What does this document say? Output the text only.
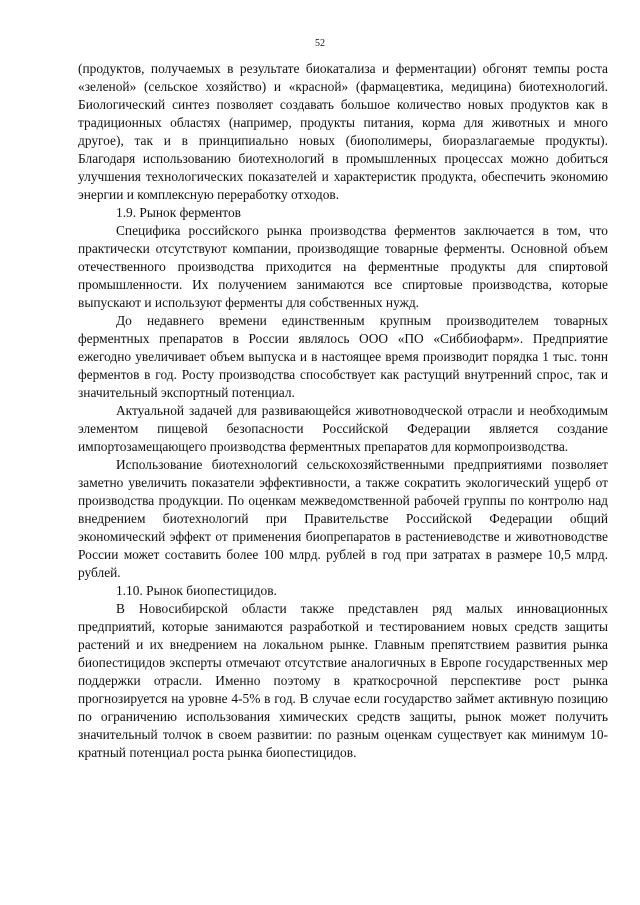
52

(продуктов, получаемых в результате биокатализа и ферментации) обгонят темпы роста «зеленой» (сельское хозяйство) и «красной» (фармацевтика, медицина) биотехнологий. Биологический синтез позволяет создавать большое количество новых продуктов как в традиционных областях (например, продукты питания, корма для животных и много другое), так и в принципиально новых (биополимеры, биоразлагаемые продукты). Благодаря использованию биотехнологий в промышленных процессах можно добиться улучшения технологических показателей и характеристик продукта, обеспечить экономию энергии и комплексную переработку отходов.

1.9. Рынок ферментов

Специфика российского рынка производства ферментов заключается в том, что практически отсутствуют компании, производящие товарные ферменты. Основной объем отечественного производства приходится на ферментные продукты для спиртовой промышленности. Их получением занимаются все спиртовые производства, которые выпускают и используют ферменты для собственных нужд.

До недавнего времени единственным крупным производителем товарных ферментных препаратов в России являлось ООО «ПО «Сиббиофарм». Предприятие ежегодно увеличивает объем выпуска и в настоящее время производит порядка 1 тыс. тонн ферментов в год. Росту производства способствует как растущий внутренний спрос, так и значительный экспортный потенциал.

Актуальной задачей для развивающейся животноводческой отрасли и необходимым элементом пищевой безопасности Российской Федерации является создание импортозамещающего производства ферментных препаратов для кормопроизводства.

Использование биотехнологий сельскохозяйственными предприятиями позволяет заметно увеличить показатели эффективности, а также сократить экологический ущерб от производства продукции. По оценкам межведомственной рабочей группы по контролю над внедрением биотехнологий при Правительстве Российской Федерации общий экономический эффект от применения биопрепаратов в растениеводстве и животноводстве России может составить более 100 млрд. рублей в год при затратах в размере 10,5 млрд. рублей.

1.10. Рынок биопестицидов.

В Новосибирской области также представлен ряд малых инновационных предприятий, которые занимаются разработкой и тестированием новых средств защиты растений и их внедрением на локальном рынке. Главным препятствием развития рынка биопестицидов эксперты отмечают отсутствие аналогичных в Европе государственных мер поддержки отрасли. Именно поэтому в краткосрочной перспективе рост рынка прогнозируется на уровне 4-5% в год. В случае если государство займет активную позицию по ограничению использования химических средств защиты, рынок может получить значительный толчок в своем развитии: по разным оценкам существует как минимум 10-кратный потенциал роста рынка биопестицидов.
